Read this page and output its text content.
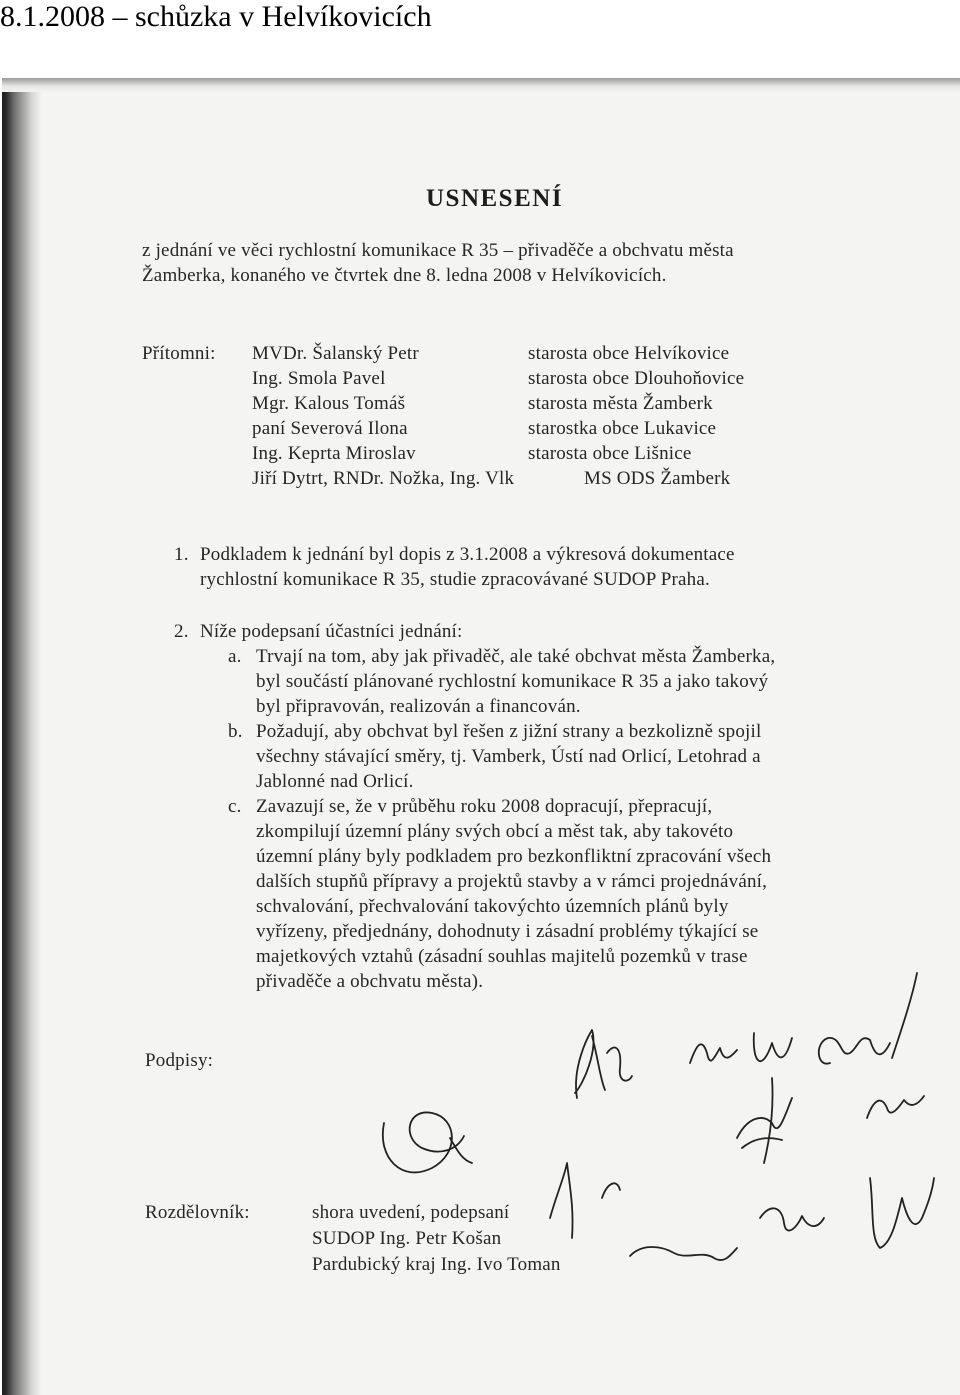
8.1.2008 – schůzka v Helvíkovicích
USNESENÍ
z jednání ve věci rychlostní komunikace R 35 – přivaděče a obchvatu města
Žamberka, konaného ve čtvrtek dne 8. ledna 2008 v Helvíkovicích.
Přítomni: MVDr. Šalanský Petr	starosta obce Helvíkovice
Ing. Smola Pavel	starosta obce Dlouhoňovice
Mgr. Kalous Tomáš	starosta města Žamberk
paní Severová Ilona	starostka obce Lukavice
Ing. Keprta Miroslav	starosta obce Lišnice
Jiří Dytrt, RNDr. Nožka, Ing. Vlk	MS ODS Žamberk
1. Podkladem k jednání byl dopis z 3.1.2008 a výkresová dokumentace
rychlostní komunikace R 35, studie zpracovávané SUDOP Praha.
2. Níže podepsaní účastníci jednání:
a. Trvají na tom, aby jak přivaděč, ale také obchvat města Žamberka,
byl součástí plánované rychlostní komunikace R 35 a jako takový
byl připravován, realizován a financován.
b. Požadují, aby obchvat byl řešen z jižní strany a bezkolizně spojil
všechny stávající směry, tj. Vamberk, Ústí nad Orlicí, Letohrad a
Jablonné nad Orlicí.
c. Zavazují se, že v průběhu roku 2008 dopracují, přepracují,
zkompilují územní plány svých obcí a měst tak, aby takovéto
územní plány byly podkladem pro bezkonfliktní zpracování všech
dalších stupňů přípravy a projektů stavby a v rámci projednávání,
schvalování, přechvalování takovýchto územních plánů byly
vyřízeny, předjednány, dohodnuty i zásadní problémy týkající se
majetkových vztahů (zásadní souhlas majitelů pozemků v trase
přivaděče a obchvatu města).
Podpisy:
Rozdělovník:	shora uvedení, podepsaní
SUDOP Ing. Petr Košan
Pardubický kraj Ing. Ivo Toman
